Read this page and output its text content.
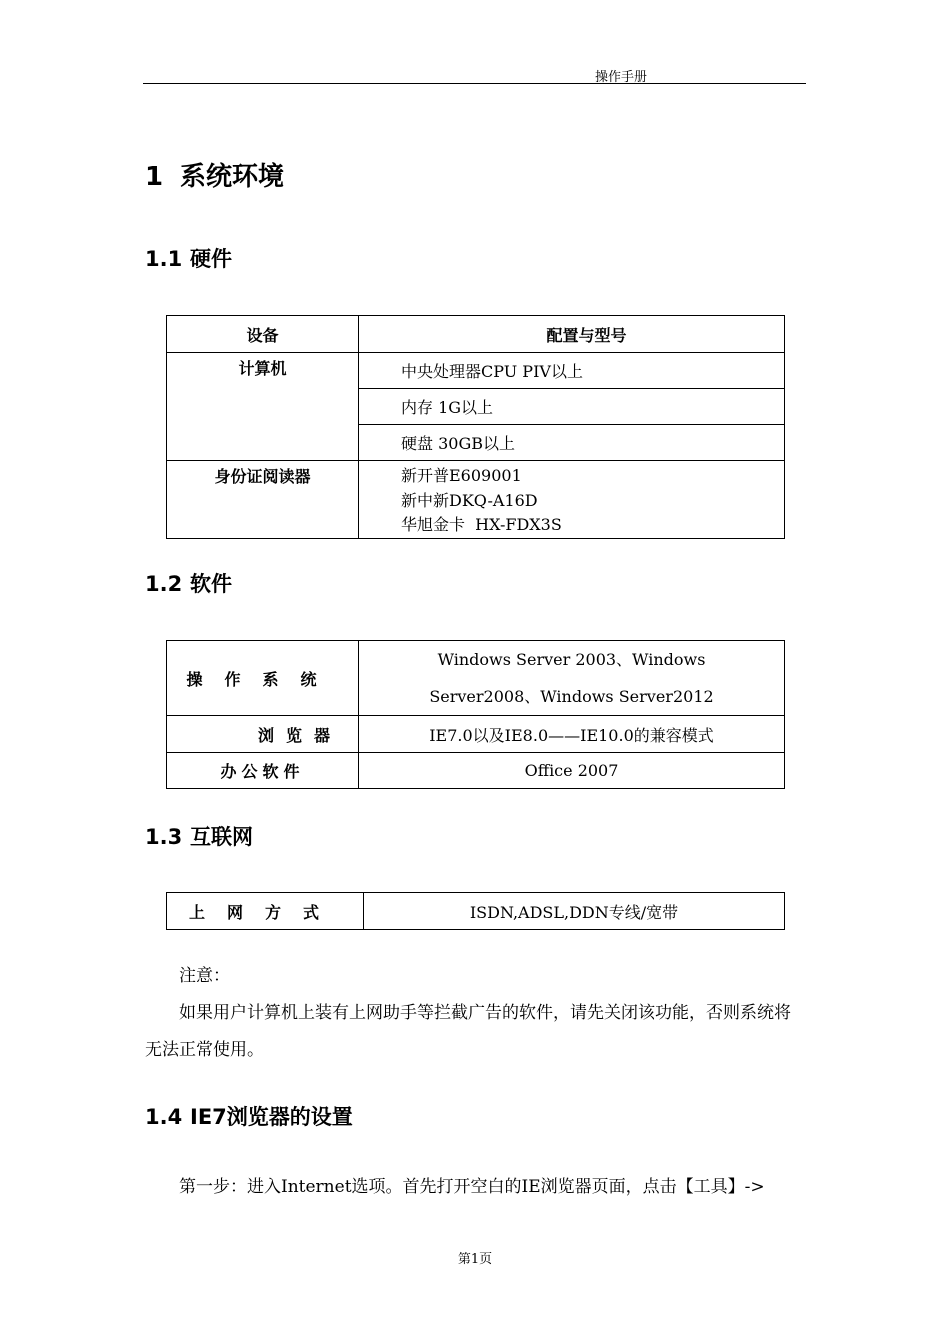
操作手册
1 系统环境
1.1 硬件
设备	配置与型号
计算机	中央处理器CPU PIV以上
	内存 1G以上
	硬盘 30GB以上
身份证阅读器	新开普E609001
新中新DKQ-A16D
华旭金卡  HX-FDX3S
1.2 软件
操作系统	Windows Server 2003、Windows
Server2008、Windows Server2012

浏览器	IE7.0以及IE8.0——IE10.0的兼容模式
办公软件	Office 2007
1.3 互联网
上网方式	ISDN,ADSL,DDN专线/宽带

注意：

如果用户计算机上装有上网助手等拦截广告的软件，请先关闭该功能，否则系统将无法正常使用。

1.4 IE7浏览器的设置

第一步：进入Internet选项。首先打开空白的IE浏览器页面，点击【工具】->

第1页
